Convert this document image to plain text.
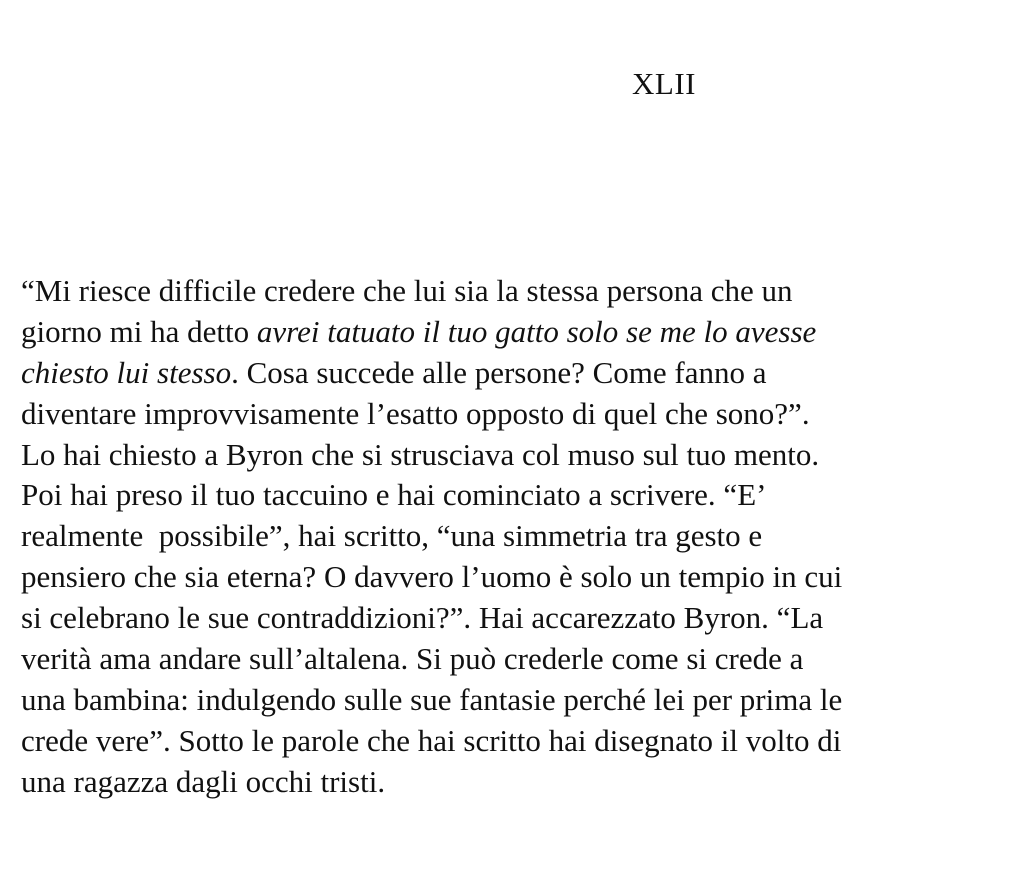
XLII
“Mi riesce difficile credere che lui sia la stessa persona che un
giorno mi ha detto avrei tatuato il tuo gatto solo se me lo avesse
chiesto lui stesso. Cosa succede alle persone? Come fanno a
diventare improvvisamente l’esatto opposto di quel che sono?”.
Lo hai chiesto a Byron che si strusciava col muso sul tuo mento.
Poi hai preso il tuo taccuino e hai cominciato a scrivere. “E’
realmente  possibile”, hai scritto, “una simmetria tra gesto e
pensiero che sia eterna? O davvero l’uomo è solo un tempio in cui
si celebrano le sue contraddizioni?”. Hai accarezzato Byron. “La
verità ama andare sull’altalena. Si può crederle come si crede a
una bambina: indulgendo sulle sue fantasie perché lei per prima le
crede vere”. Sotto le parole che hai scritto hai disegnato il volto di
una ragazza dagli occhi tristi.
